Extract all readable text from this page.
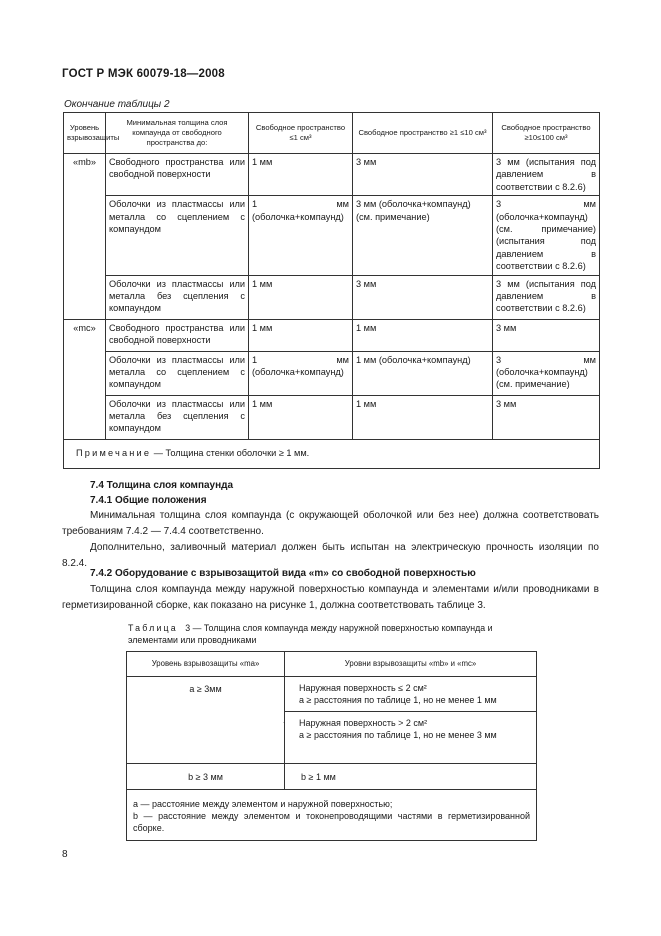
ГОСТ Р МЭК 60079-18—2008
Окончание таблицы 2
Уровень взрывозащиты	Минимальная толщина слоя компаунда от свободного пространства до:	Свободное пространство ≤1 см³	Свободное пространство ≥1 ≤10 см³	Свободное пространство ≥10≤100 см³
«mb»	Свободного пространства или свободной поверхности	1 мм	3 мм	3 мм (испытания под давлением в соответствии с 8.2.6)
	Оболочки из пластмассы или металла со сцеплением с компаундом	1 мм (оболочка+компаунд)	3 мм (оболочка+компаунд) (см. примечание)	3 мм (оболочка+компаунд) (см. примечание) (испытания под давлением в соответствии с 8.2.6)
	Оболочки из пластмассы или металла без сцепления с компаундом	1 мм	3 мм	3 мм (испытания под давлением в соответствии с 8.2.6)
«mc»	Свободного пространства или свободной поверхности	1 мм	1 мм	3 мм
	Оболочки из пластмассы или металла со сцеплением с компаундом	1 мм (оболочка+компаунд)	1 мм (оболочка+компаунд)	3 мм (оболочка+компаунд) (см. примечание)
	Оболочки из пластмассы или металла без сцепления с компаундом	1 мм	1 мм	3 мм
Примечание — Толщина стенки оболочки ≥ 1 мм.				
7.4 Толщина слоя компаунда
7.4.1 Общие положения
Минимальная толщина слоя компаунда (с окружающей оболочкой или без нее) должна соответствовать требованиям 7.4.2 — 7.4.4 соответственно.
Дополнительно, заливочный материал должен быть испытан на электрическую прочность изоляции по 8.2.4.
7.4.2 Оборудование с взрывозащитой вида «m» со свободной поверхностью
Толщина слоя компаунда между наружной поверхностью компаунда и элементами и/или проводниками в герметизированной сборке, как показано на рисунке 1, должна соответствовать таблице 3.
Таблица 3 — Толщина слоя компаунда между наружной поверхностью компаунда и элементами или проводниками
Уровень взрывозащиты «ma»	Уровни взрывозащиты «mb» и «mc»
a ≥ 3мм	Наружная поверхность ≤ 2 см²
a ≥ расстояния по таблице 1, но не менее 1 мм
Наружная поверхность > 2 см²
a ≥ расстояния по таблице 1, но не менее 3 мм

b ≥ 3 мм	b ≥ 1 мм

a — расстояние между элементом и наружной поверхностью;
b — расстояние между элементом и токонепроводящими частями в герметизированной сборке.	
˙
8
